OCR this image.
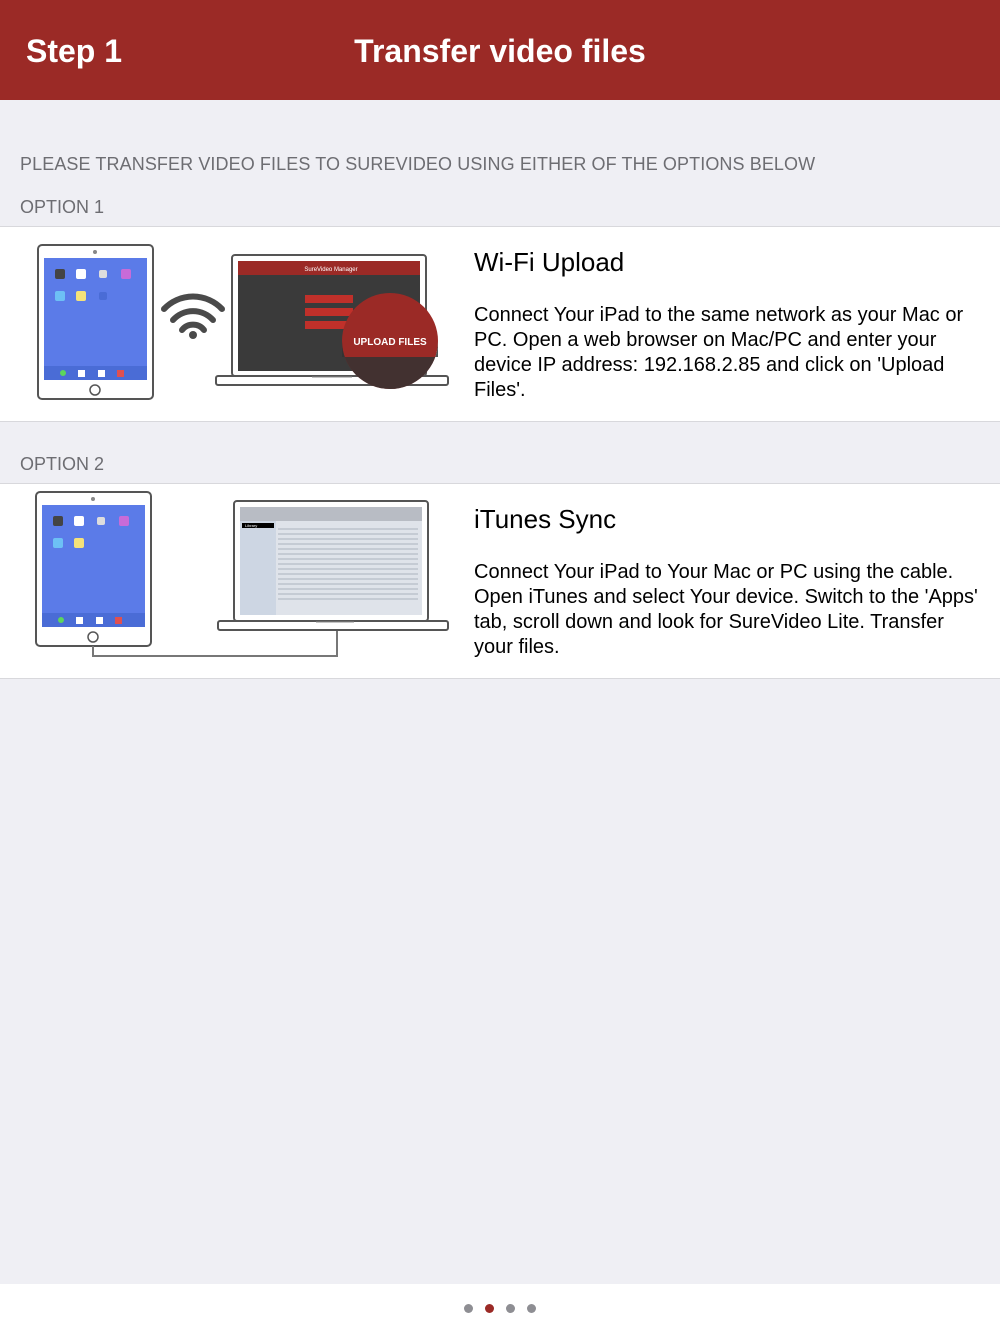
Step 1	Transfer video files
PLEASE TRANSFER VIDEO FILES TO SUREVIDEO USING EITHER OF THE OPTIONS BELOW
OPTION 1
SureVideo Manager
UPLOAD FILES
Wi-Fi Upload
Connect Your iPad to the same network as your Mac or PC. Open a web browser on Mac/PC and enter your device IP address: 192.168.2.85 and click on 'Upload Files'.
OPTION 2
Library	iTunes Sync
Connect Your iPad to Your Mac or PC using the cable. Open iTunes and select Your device. Switch to the 'Apps' tab, scroll down and look for SureVideo Lite. Transfer your files.
